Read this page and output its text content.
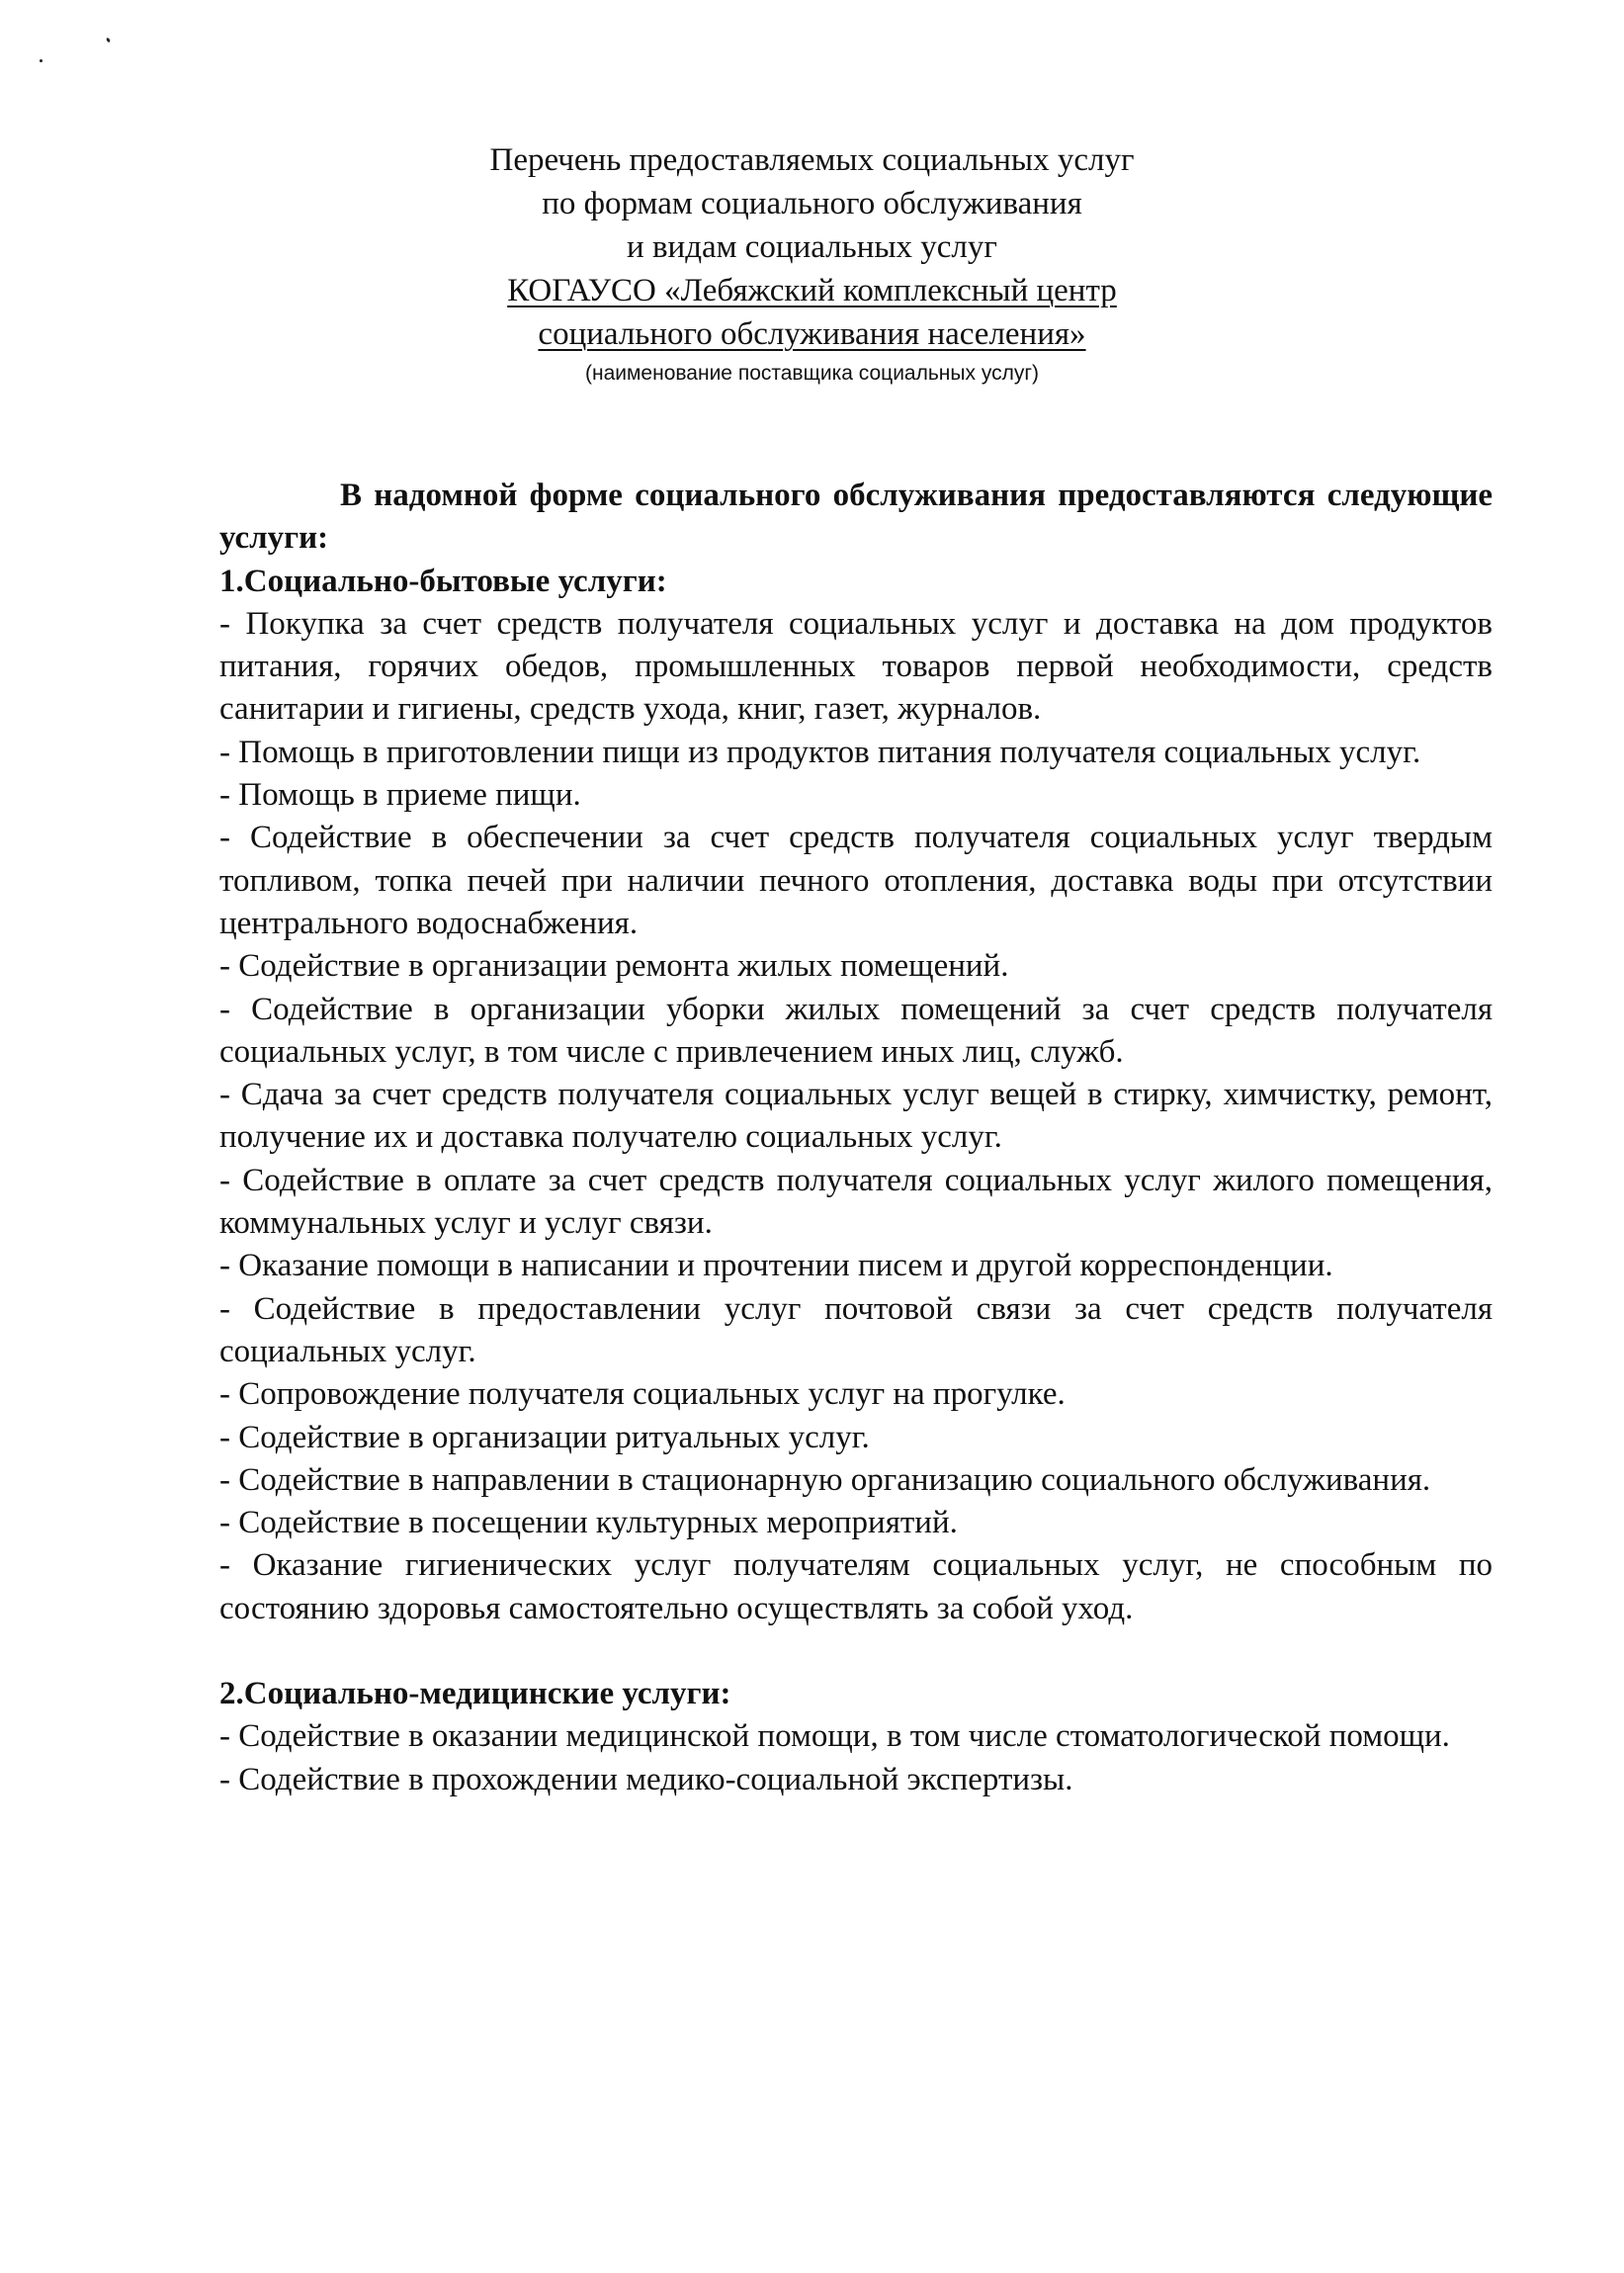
Перечень предоставляемых социальных услуг
по формам социального обслуживания
и видам социальных услуг
КОГАУСО «Лебяжский комплексный центр
социального обслуживания населения»
(наименование поставщика социальных услуг)

В надомной форме социального обслуживания предоставляются следующие услуги:

1.Социально-бытовые услуги:

- Покупка за счет средств получателя социальных услуг и доставка на дом продуктов питания, горячих обедов, промышленных товаров первой необходимости, средств санитарии и гигиены, средств ухода, книг, газет, журналов.

- Помощь в приготовлении пищи из продуктов питания получателя социальных услуг.

- Помощь в приеме пищи.

- Содействие в обеспечении за счет средств получателя социальных услуг твердым топливом, топка печей при наличии печного отопления, доставка воды при отсутствии центрального водоснабжения.

- Содействие в организации ремонта жилых помещений.

- Содействие в организации уборки жилых помещений за счет средств получателя социальных услуг, в том числе с привлечением иных лиц, служб.

- Сдача за счет средств получателя социальных услуг вещей в стирку, химчистку, ремонт, получение их и доставка получателю социальных услуг.

- Содействие в оплате за счет средств получателя социальных услуг жилого помещения, коммунальных услуг и услуг связи.

- Оказание помощи в написании и прочтении писем и другой корреспонденции.

- Содействие в предоставлении услуг почтовой связи за счет средств получателя социальных услуг.

- Сопровождение получателя социальных услуг на прогулке.

- Содействие в организации ритуальных услуг.

- Содействие в направлении в стационарную организацию социального обслуживания.

- Содействие в посещении культурных мероприятий.

- Оказание гигиенических услуг получателям социальных услуг, не способным по состоянию здоровья самостоятельно осуществлять за собой уход.

2.Социально-медицинские услуги:

- Содействие в оказании медицинской помощи, в том числе стоматологической помощи.

- Содействие в прохождении медико-социальной экспертизы.
